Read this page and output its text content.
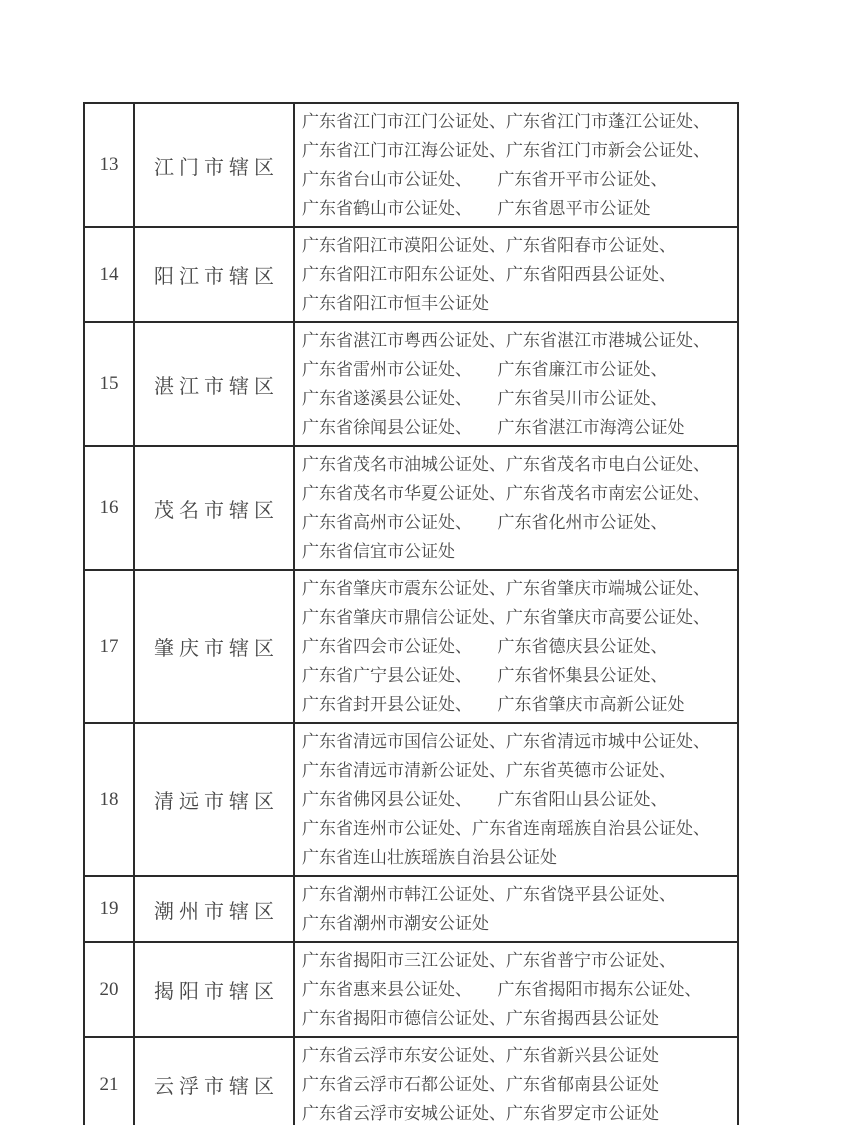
13	江门市辖区	广东省江门市江门公证处、广东省江门市蓬江公证处、
广东省江门市江海公证处、广东省江门市新会公证处、
广东省台山市公证处、　　广东省开平市公证处、
广东省鹤山市公证处、　　广东省恩平市公证处

14	阳江市辖区	广东省阳江市漠阳公证处、广东省阳春市公证处、
广东省阳江市阳东公证处、广东省阳西县公证处、
广东省阳江市恒丰公证处

15	湛江市辖区	广东省湛江市粤西公证处、广东省湛江市港城公证处、
广东省雷州市公证处、　　广东省廉江市公证处、
广东省遂溪县公证处、　　广东省吴川市公证处、
广东省徐闻县公证处、　　广东省湛江市海湾公证处

16	茂名市辖区	广东省茂名市油城公证处、广东省茂名市电白公证处、
广东省茂名市华夏公证处、广东省茂名市南宏公证处、
广东省高州市公证处、　　广东省化州市公证处、
广东省信宜市公证处

17	肇庆市辖区	广东省肇庆市震东公证处、广东省肇庆市端城公证处、
广东省肇庆市鼎信公证处、广东省肇庆市高要公证处、
广东省四会市公证处、　　广东省德庆县公证处、
广东省广宁县公证处、　　广东省怀集县公证处、
广东省封开县公证处、　　广东省肇庆市高新公证处

18	清远市辖区	广东省清远市国信公证处、广东省清远市城中公证处、
广东省清远市清新公证处、广东省英德市公证处、
广东省佛冈县公证处、　　广东省阳山县公证处、
广东省连州市公证处、广东省连南瑶族自治县公证处、
广东省连山壮族瑶族自治县公证处

19	潮州市辖区	广东省潮州市韩江公证处、广东省饶平县公证处、
广东省潮州市潮安公证处

20	揭阳市辖区	广东省揭阳市三江公证处、广东省普宁市公证处、
广东省惠来县公证处、　　广东省揭阳市揭东公证处、
广东省揭阳市德信公证处、广东省揭西县公证处

21	云浮市辖区	广东省云浮市东安公证处、广东省新兴县公证处
广东省云浮市石都公证处、广东省郁南县公证处
广东省云浮市安城公证处、广东省罗定市公证处
